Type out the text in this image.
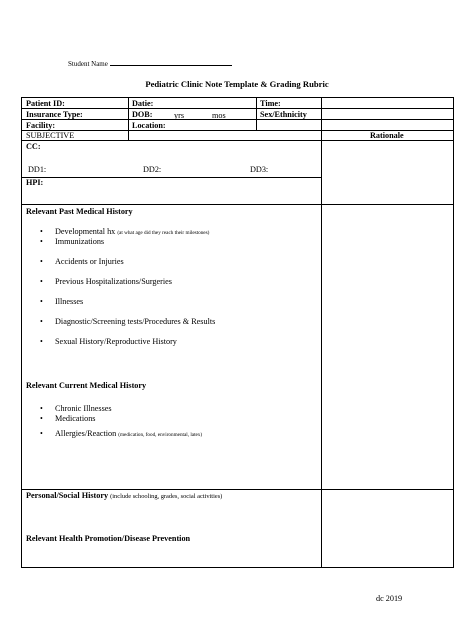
Student Name
Pediatric Clinic Note Template & Grading Rubric
Patient ID:	Datie:	Time:
Insurance Type:	DOB:	yrs	mos	Sex/Ethnicity
Facility:	Location:
SUBJECTIVE	Rationale
CC:
DD1:	DD2:	DD3:
HPI:
Relevant Past Medical History
• Developmental hx (at what age did they reach their milestones)
• Immunizations
• Accidents or Injuries
• Previous Hospitalizations/Surgeries
• Illnesses
• Diagnostic/Screening tests/Procedures & Results
• Sexual History/Reproductive History
Relevant Current Medical History
• Chronic Illnesses
• Medications
• Allergies/Reaction (medication, food, environmental, latex)
Personal/Social History (include schooling, grades, social activities)
Relevant Health Promotion/Disease Prevention
dc 2019
